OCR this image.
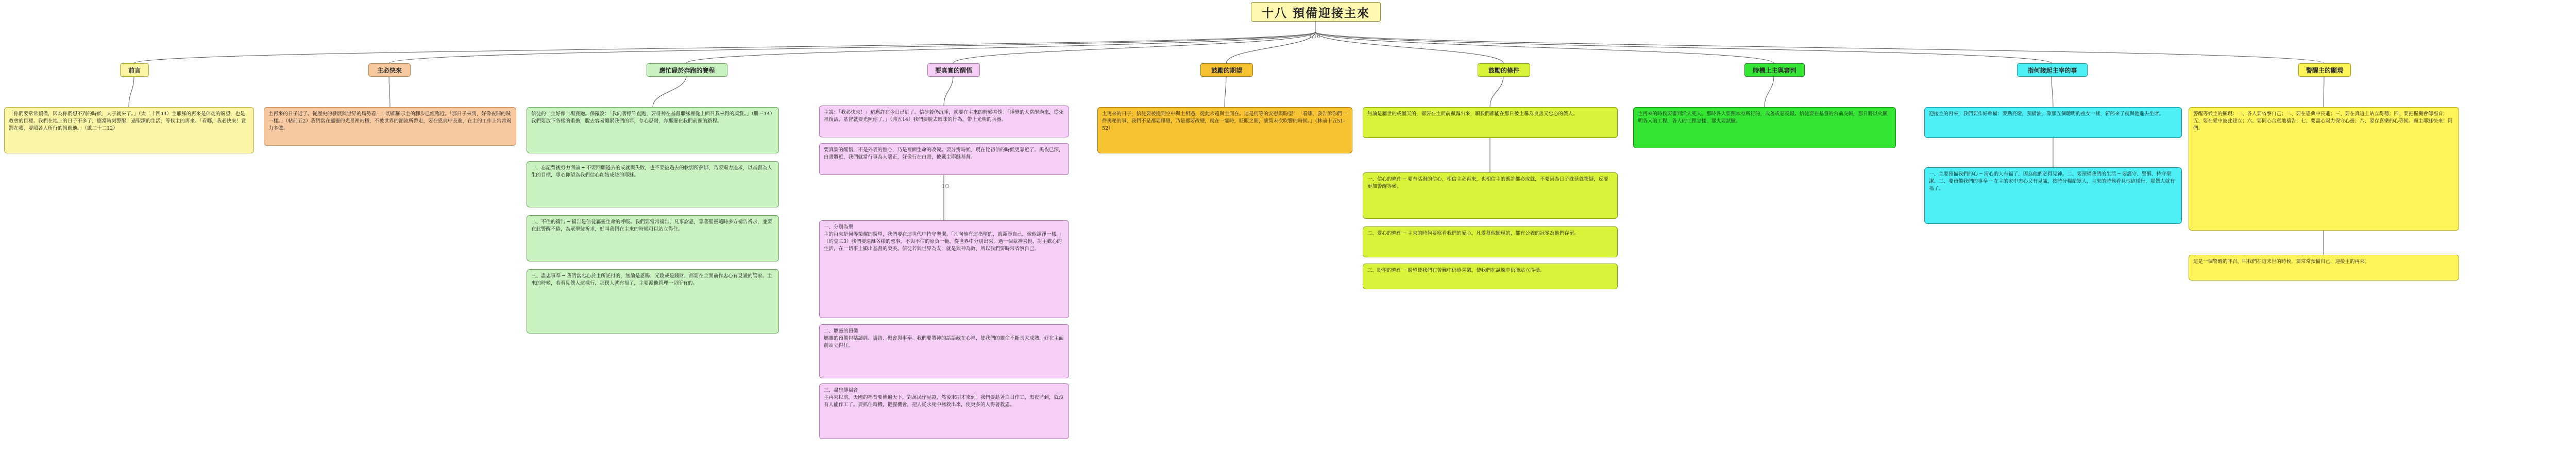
十八 預備迎接主來
1/10
前言	主必快來	應忙碌於奔跑的賽程	要真實的醒悟	鼓勵的期望	鼓勵的條件	時機上主與審判	指何接起主宰的事	警醒主的顯現

「你們要常常預備，因為你們想不到的時候，人子就來了。」（太二十四44）主耶穌的再來是信徒的盼望，也是教會的目標。我們在地上的日子不多了，應當時刻警醒，過聖潔的生活，等候主的再來。「看哪，我必快來！賞罰在我，要照各人所行的報應他。」（啟二十二12）

主再來的日子近了。從歷史的發展與世界的局勢看，一切都顯示主的腳步已經臨近。「那日子來到，好像夜間的賊一樣。」（帖前五2）我們當在屬靈的光景裡站穩，不被世界的潮流所帶走，要在恩典中長進，在主的工作上常常竭力多做。

信徒的一生好像一場賽跑。保羅說：「我向著標竿直跑，要得神在基督耶穌裡從上面召我來得的獎賞。」（腓三14）我們要放下各樣的重擔，脫去容易纏累我們的罪，存心忍耐，奔那擺在我們前頭的路程。

一、忘記背後努力面前 ─ 不要回顧過去的成就與失敗，也不要被過去的軟弱所捆綁，乃要竭力追求，以基督為人生的目標，專心仰望為我們信心創始成終的耶穌。

二、不住的禱告 ─ 禱告是信徒屬靈生命的呼吸。我們要常常禱告，凡事謝恩，靠著聖靈隨時多方禱告祈求，並要在此警醒不倦，為眾聖徒祈求，好叫我們在主來的時候可以站立得住。

三、盡忠事奉 ─ 我們當忠心於主所託付的，無論是恩賜、光陰或是錢財，都要在主面前作忠心有見識的管家。主來的時候，若看見僕人這樣行，那僕人就有福了，主要派他管理一切所有的。

主說：「我必快來！」這應許在今日已近了。信徒若仍沉睡，就要在主來的時候羞愧。「睡覺的人當醒過來，從死裡復活，基督就要光照你了。」（弗五14）我們要脫去暗昧的行為，帶上光明的兵器。

要真實的醒悟，不是外表的熱心，乃是裡面生命的改變。要分辨時候，現在比初信的時候更靠近了。黑夜已深，白晝將近，我們就當行事為人端正，好像行在白晝，披戴主耶穌基督。

1/3

一、分別為聖
主的再來是何等榮耀的盼望，我們要在這世代中持守聖潔。「凡向他有這指望的，就潔淨自己，像他潔淨一樣。」（約壹三3）我們要遠離各樣的惡事，不與不信的原負一軛，從世界中分別出來，過一個蒙神喜悅、討主歡心的生活，在一切事上顯出基督的榮美。信徒若與世界為友，就是與神為敵，所以我們要時常省察自己。

二、屬靈的預備
屬靈的預備包括讀經、禱告、聚會與事奉。我們要將神的話語藏在心裡，使我們的靈命不斷長大成熟，好在主面前站立得住。

三、盡忠傳福音
主再來以前，天國的福音要傳遍天下，對萬民作見證，然後末期才來到。我們要趁著白日作工，黑夜將到，就沒有人能作工了。要抓住時機，把握機會，把人從永死中拯救出來，使更多的人得著救恩。

主再來的日子，信徒要被提到空中與主相遇，從此永遠與主同在。這是何等的安慰與盼望！「看哪，我告訴你們一件奧秘的事，我們不是都要睡覺，乃是都要改變，就在一霎時，眨眼之間，號筒末次吹響的時候。」（林前十五51-52）

無論是屬世的或屬天的，都要在主面前顯露出來，願我們都能在那日被主稱為良善又忠心的僕人。

一、信心的條件 ─ 要有活潑的信心，相信主必再來，也相信主的應許都必成就，不要因為日子耽延就懷疑，反要更加警醒等候。

二、愛心的條件 ─ 主來的時候要察看我們的愛心，凡愛慕他顯現的，都有公義的冠冕為他們存留。

三、盼望的條件 ─ 盼望使我們在苦難中仍能喜樂，使我們在試煉中仍能站立得穩。

主再來的時候要審判活人死人。那時各人要照本身所行的，或善或惡受報。信徒要在基督的台前交帳，那日將以火顯明各人的工程，各人的工程怎樣，那火要試驗。

迎接主的再來，我們要作好準備：要點亮燈，預備油，像那五個聰明的童女一樣，新郎來了就與他進去坐席。

一、主要預備我們的心 ─ 清心的人有福了，因為他們必得見神。二、要預備我們的生活 ─ 要謹守、警醒、持守聖潔。三、要預備我們的事奉 ─ 在主的家中忠心又有見識，按時分糧給眾人，主來的時候看見他這樣行，那僕人就有福了。

警醒等候主的顯現：一、各人要省察自己；二、要在恩典中長進；三、要在真道上站立得穩；四、要把握機會傳福音；五、要在愛中彼此建立；六、要同心合意地禱告；七、要盡心竭力保守心靈；八、要存喜樂的心等候。願主耶穌快來！阿們。

這是一個警醒的呼召，叫我們在這末世的時候，要常常預備自己，迎接主的再來。
